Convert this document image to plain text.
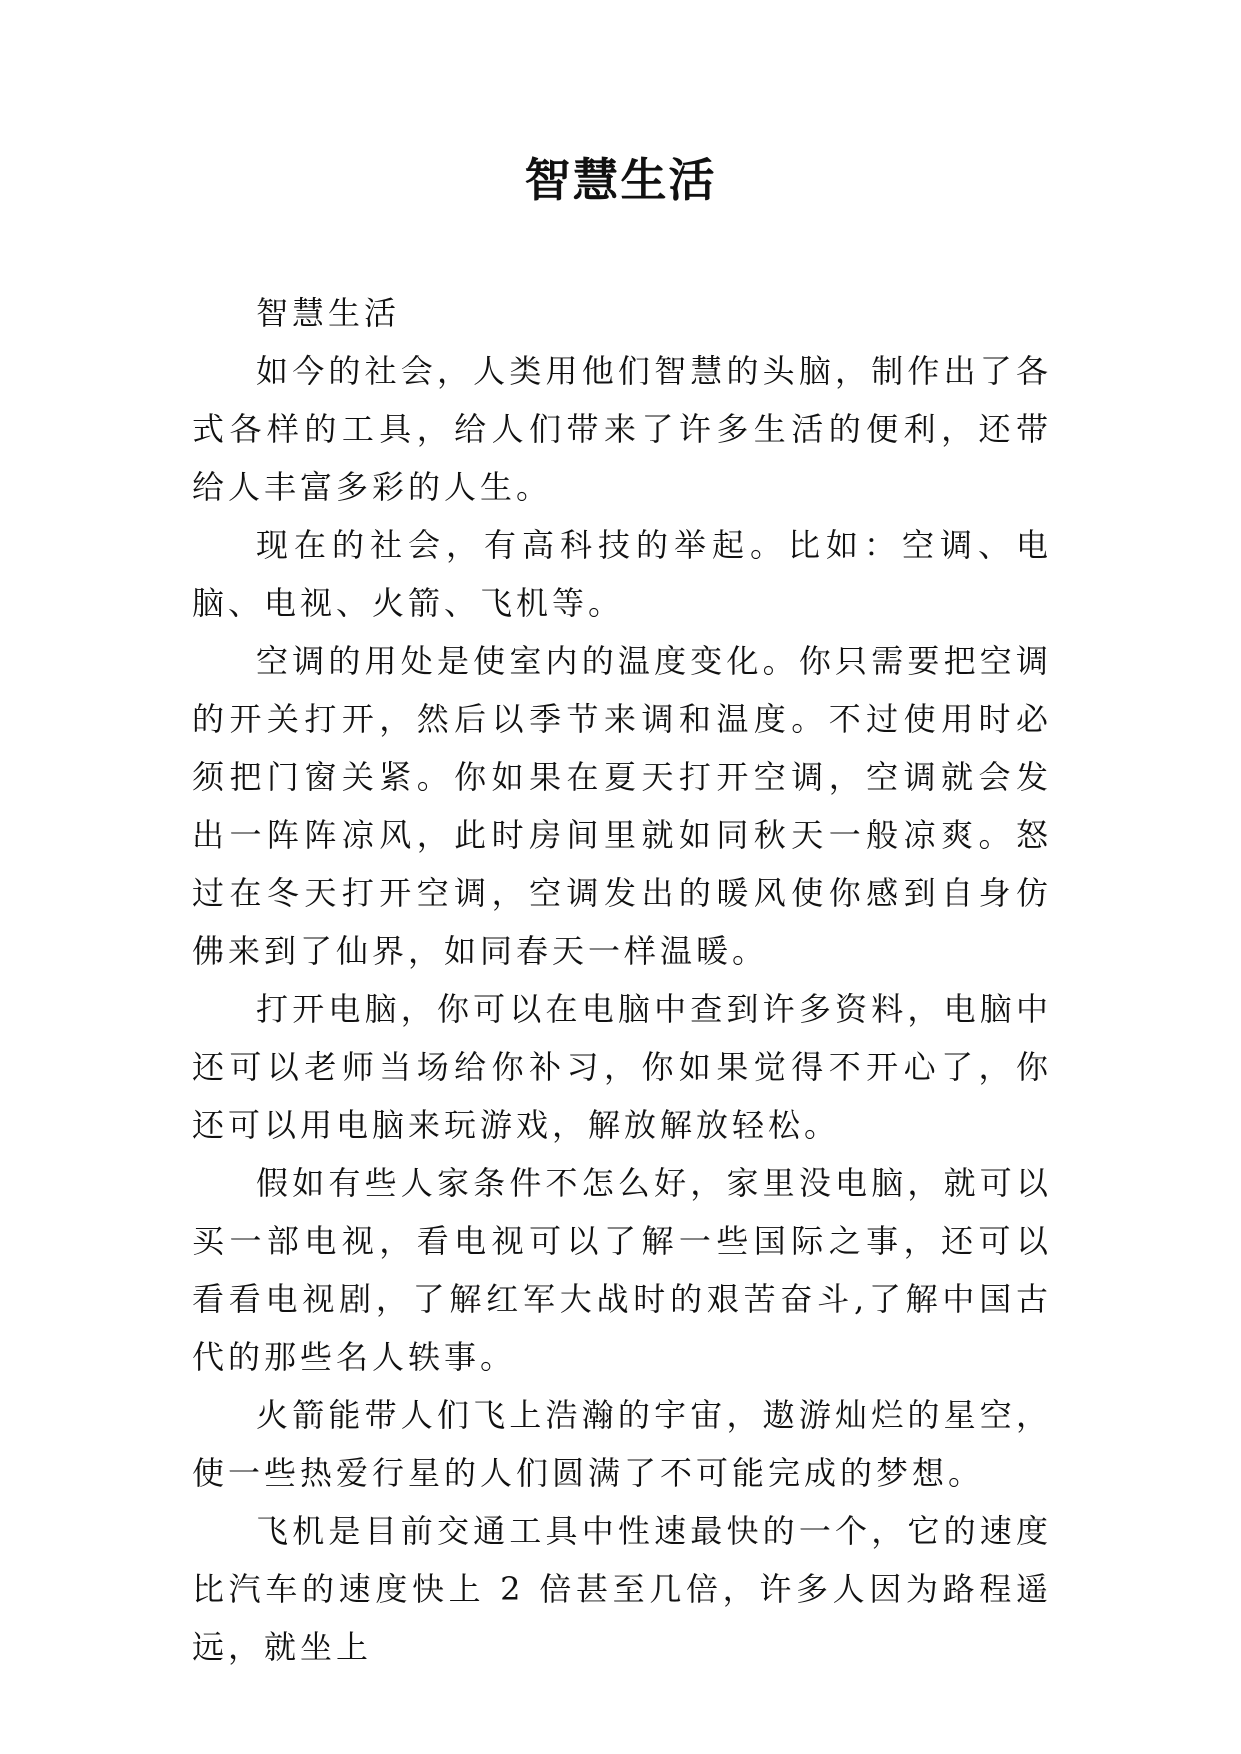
智慧生活

智慧生活

如今的社会，人类用他们智慧的头脑，制作出了各式各样的工具，给人们带来了许多生活的便利，还带给人丰富多彩的人生。

现在的社会，有高科技的举起。比如：空调、电脑、电视、火箭、飞机等。

空调的用处是使室内的温度变化。你只需要把空调的开关打开，然后以季节来调和温度。不过使用时必须把门窗关紧。你如果在夏天打开空调，空调就会发出一阵阵凉风，此时房间里就如同秋天一般凉爽。怒过在冬天打开空调，空调发出的暖风使你感到自身仿佛来到了仙界，如同春天一样温暖。

打开电脑，你可以在电脑中查到许多资料，电脑中还可以老师当场给你补习，你如果觉得不开心了，你还可以用电脑来玩游戏，解放解放轻松。

假如有些人家条件不怎么好，家里没电脑，就可以买一部电视，看电视可以了解一些国际之事，还可以看看电视剧，了解红军大战时的艰苦奋斗,了解中国古代的那些名人轶事。

火箭能带人们飞上浩瀚的宇宙，遨游灿烂的星空，使一些热爱行星的人们圆满了不可能完成的梦想。

飞机是目前交通工具中性速最快的一个，它的速度比汽车的速度快上 2 倍甚至几倍，许多人因为路程遥远，就坐上
